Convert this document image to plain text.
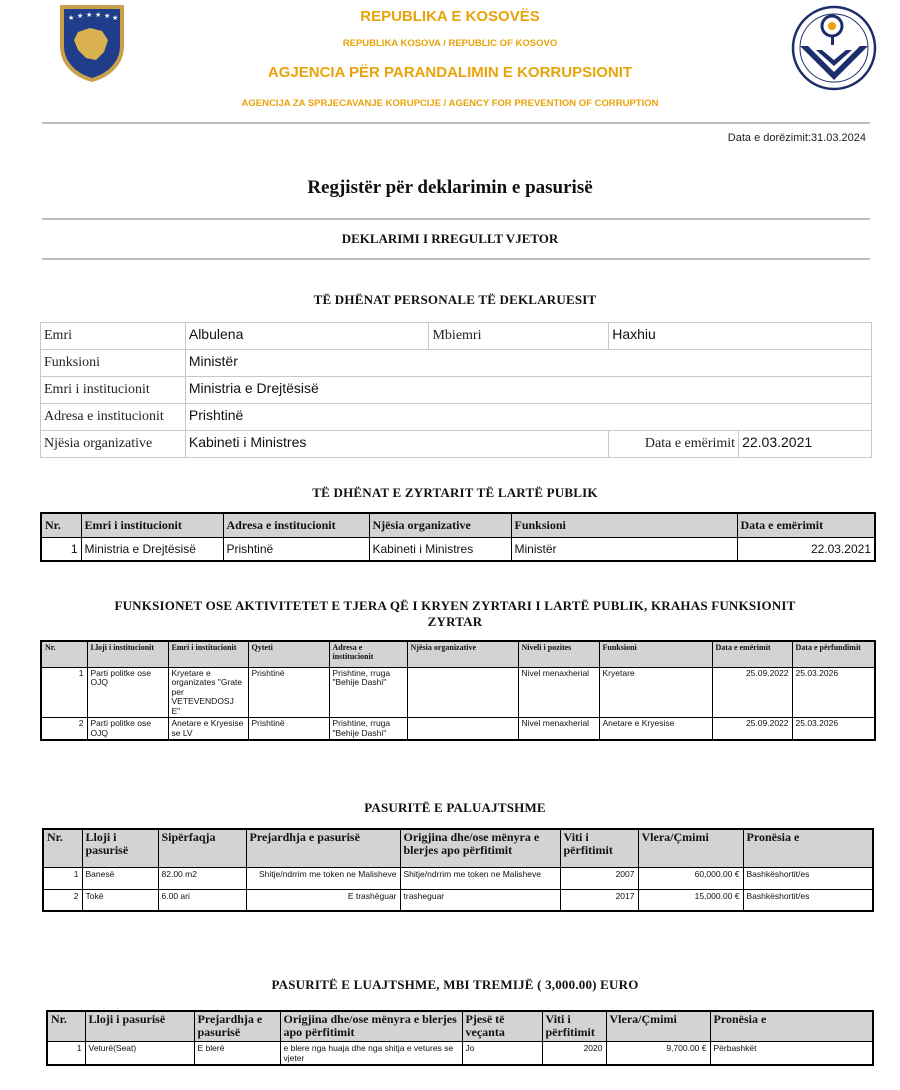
★ ★ ★ ★ ★ ★	REPUBLIKA E KOSOVËS
REPUBLIKA KOSOVA / REPUBLIC OF KOSOVO
AGJENCIA PËR PARANDALIMIN E KORRUPSIONIT
AGENCIJA ZA SPRJECAVANJE KORUPCIJE / AGENCY FOR PREVENTION OF CORRUPTION
Data e dorëzimit:31.03.2024
Regjistër për deklarimin e pasurisë
DEKLARIMI I RREGULLT VJETOR
TË DHËNAT PERSONALE TË DEKLARUESIT
Emri	Albulena	Mbiemri	Haxhiu	
Funksioni	Ministër			
Emri i institucionit	Ministria e Drejtësisë			
Adresa e institucionit	Prishtinë			
Njësia organizative	Kabineti i Ministres		Data e emërimit	22.03.2021
TË DHËNAT E ZYRTARIT TË LARTË PUBLIK
Nr.	Emri i institucionit	Adresa e institucionit	Njësia organizative	Funksioni	Data e emërimit
1	Ministria e Drejtësisë	Prishtinë	Kabineti i Ministres	Ministër	22.03.2021
FUNKSIONET OSE AKTIVITETET E TJERA QË I KRYEN ZYRTARI I LARTË PUBLIK, KRAHAS FUNKSIONIT
ZYRTAR
Nr.	Lloji i institucionit	Emri i institucionit	Qyteti	Adresa e institucionit	Njësia organizative	Niveli i pozites	Funksioni	Data e emërimit	Data e përfundimit
1	Parti politke ose OJQ	Kryetare e organizates "Grate per VETEVENDOSJ E"	Prishtinë	Prishtine, rruga "Behije Dashi"		Nivel menaxherial	Kryetare	25.09.2022	25.03.2026
2	Parti politke ose OJQ	Anetare e Kryesise se LV	Prishtinë	Prishtine, rruga "Behije Dashi"		Nivel menaxherial	Anetare e Kryesise	25.09.2022	25.03.2026
PASURITË E PALUAJTSHME
Nr.	Lloji i pasurisë	Sipërfaqja	Prejardhja e pasurisë	Origjina dhe/ose mënyra e blerjes apo përfitimit	Viti i përfitimit	Vlera/Çmimi	Pronësia e
1	Banesë	82.00 m2	Shitje/ndrrim me token ne Malisheve	Shitje/ndrrim me token ne Malisheve	2007	60,000.00 €	Bashkëshortit/es
2	Tokë	6.00 ari	E trashëguar	trasheguar	2017	15,000.00 €	Bashkëshortit/es
PASURITË E LUAJTSHME, MBI TREMIJË ( 3,000.00) EURO
Nr.	Lloji i pasurisë	Prejardhja e pasurisë	Origjina dhe/ose mënyra e blerjes apo përfitimit	Pjesë të veçanta	Viti i përfitimit	Vlera/Çmimi	Pronësia e
1	Veturë(Seat)	E blerë	e blere nga huaja dhe nga shitja e vetures se vjeter	Jo	2020	9,700.00 €	Përbashkët
